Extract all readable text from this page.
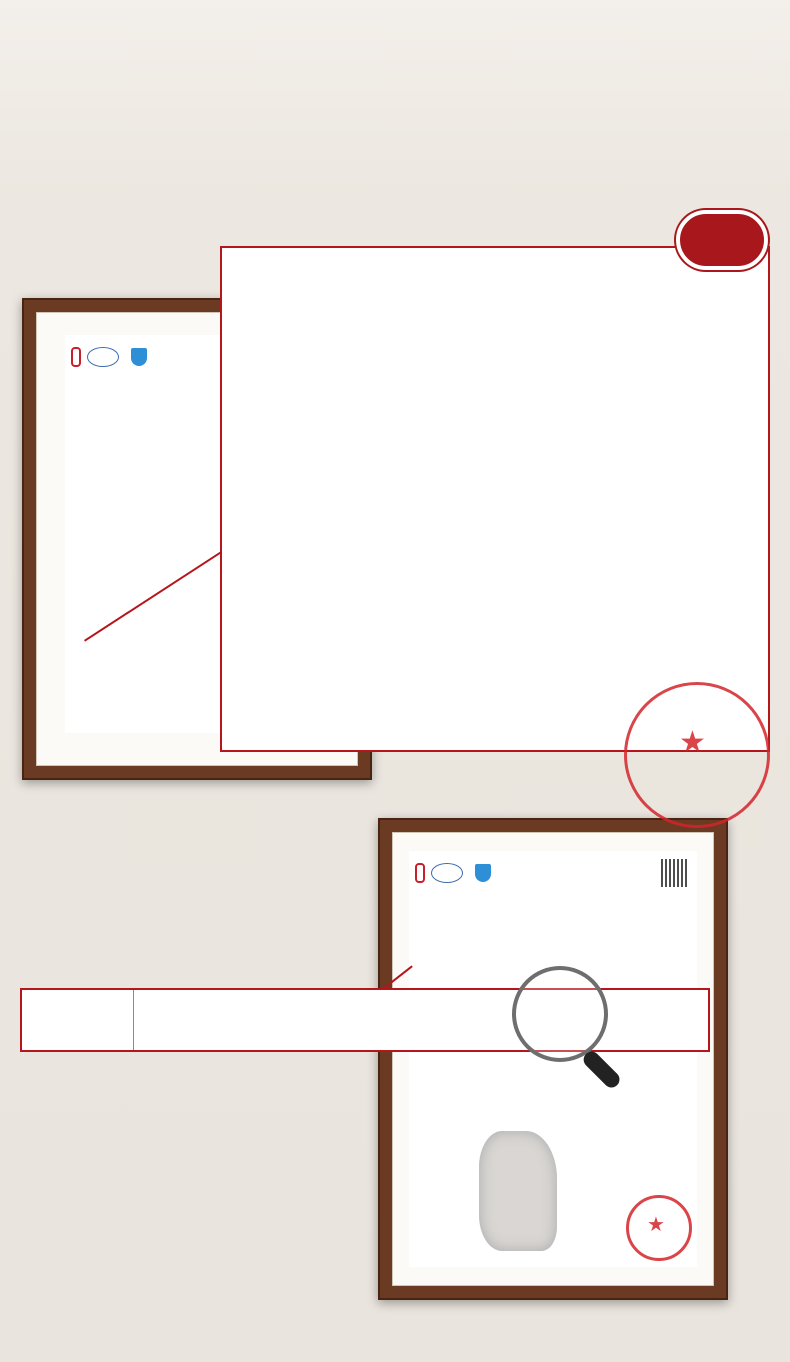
★
★
